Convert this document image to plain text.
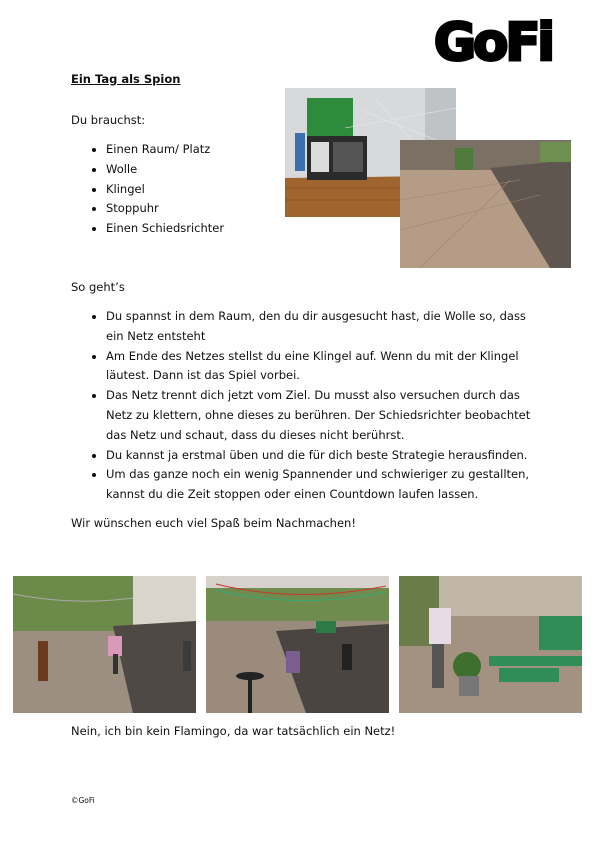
GoFi
Ein Tag als Spion
Du brauchst:
• Einen Raum/ Platz
• Wolle
• Klingel
• Stoppuhr
• Einen Schiedsrichter
So geht’s
• Du spannst in dem Raum, den du dir ausgesucht hast, die Wolle so, dass ein Netz entsteht
• Am Ende des Netzes stellst du eine Klingel auf. Wenn du mit der Klingel läutest. Dann ist das Spiel vorbei.
• Das Netz trennt dich jetzt vom Ziel. Du musst also versuchen durch das Netz zu klettern, ohne dieses zu berühren. Der Schiedsrichter beobachtet das Netz und schaut, dass du dieses nicht berührst.
• Du kannst ja erstmal üben und die für dich beste Strategie herausfinden.
• Um das ganze noch ein wenig Spannender und schwieriger zu gestallten, kannst du die Zeit stoppen oder einen Countdown laufen lassen.
Wir wünschen euch viel Spaß beim Nachmachen!
Nein, ich bin kein Flamingo, da war tatsächlich ein Netz!
©GoFi
